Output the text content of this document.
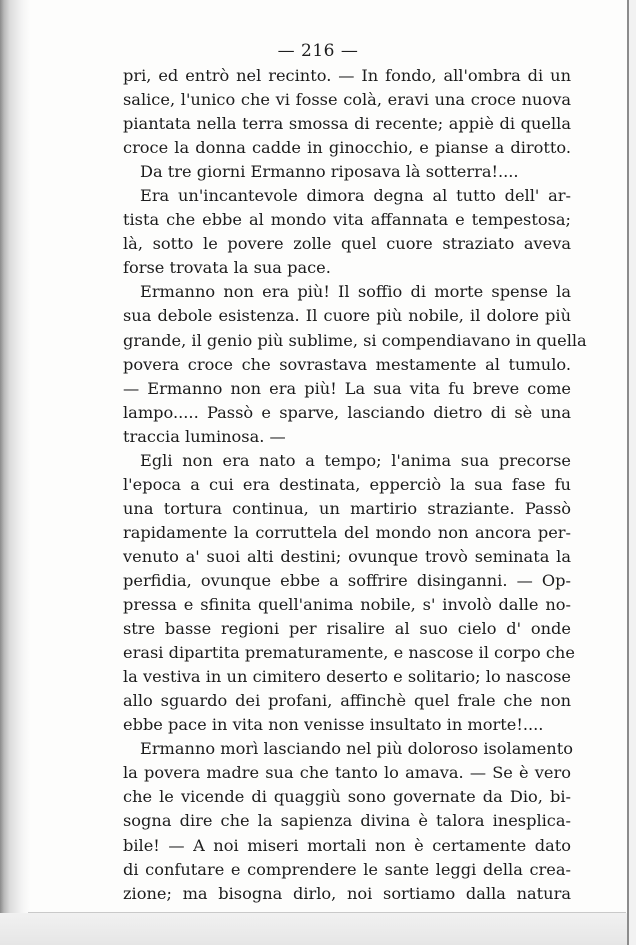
— 216 —
pri, ed entrò nel recinto. — In fondo, all'ombra di un
salice, l'unico che vi fosse colà, eravi una croce nuova
piantata nella terra smossa di recente; appiè di quella
croce la donna cadde in ginocchio, e pianse a dirotto.
Da tre giorni Ermanno riposava là sotterra!....
Era un'incantevole dimora degna al tutto dell' ar-
tista che ebbe al mondo vita affannata e tempestosa;
là, sotto le povere zolle quel cuore straziato aveva
forse trovata la sua pace.
Ermanno non era più! Il soffio di morte spense la
sua debole esistenza. Il cuore più nobile, il dolore più
grande, il genio più sublime, si compendiavano in quella
povera croce che sovrastava mestamente al tumulo.
— Ermanno non era più! La sua vita fu breve come
lampo..... Passò e sparve, lasciando dietro di sè una
traccia luminosa. —
Egli non era nato a tempo; l'anima sua precorse
l'epoca a cui era destinata, epperciò la sua fase fu
una tortura continua, un martirio straziante. Passò
rapidamente la corruttela del mondo non ancora per-
venuto a' suoi alti destini; ovunque trovò seminata la
perfidia, ovunque ebbe a soffrire disinganni. — Op-
pressa e sfinita quell'anima nobile, s' involò dalle no-
stre basse regioni per risalire al suo cielo d' onde
erasi dipartita prematuramente, e nascose il corpo che
la vestiva in un cimitero deserto e solitario; lo nascose
allo sguardo dei profani, affinchè quel frale che non
ebbe pace in vita non venisse insultato in morte!....
Ermanno morì lasciando nel più doloroso isolamento
la povera madre sua che tanto lo amava. — Se è vero
che le vicende di quaggiù sono governate da Dio, bi-
sogna dire che la sapienza divina è talora inesplica-
bile! — A noi miseri mortali non è certamente dato
di confutare e comprendere le sante leggi della crea-
zione; ma bisogna dirlo, noi sortiamo dalla natura
